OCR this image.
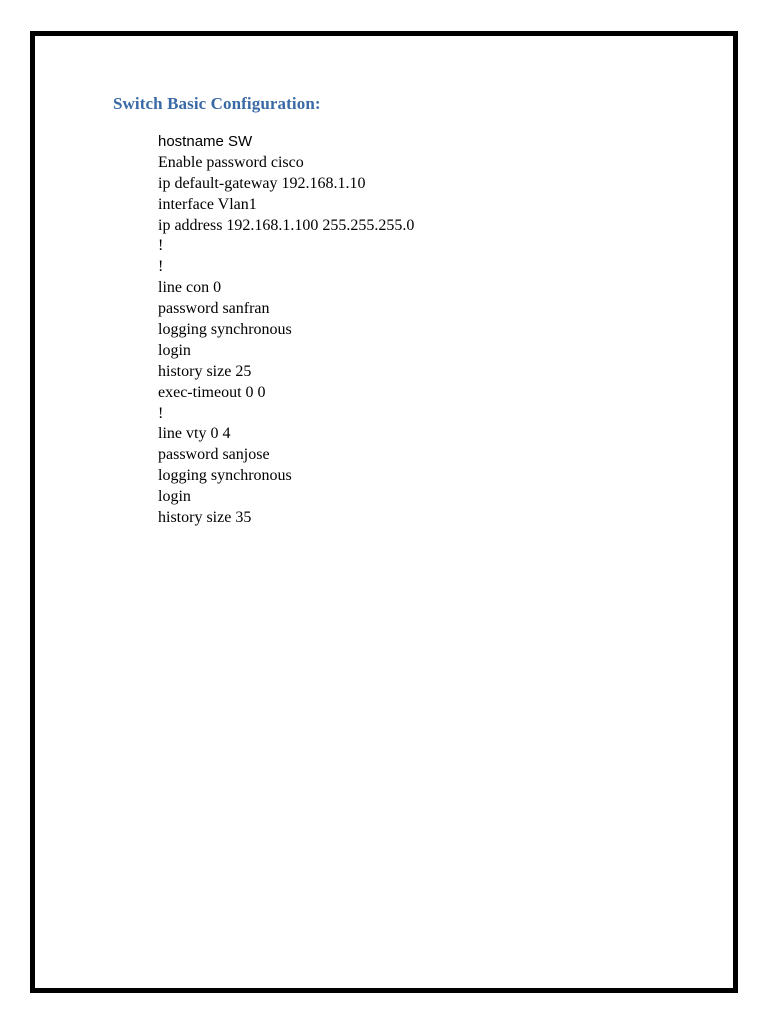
Switch Basic Configuration:
hostname SW
Enable password cisco
ip default-gateway 192.168.1.10
interface Vlan1
ip address 192.168.1.100 255.255.255.0
!
!
line con 0
password sanfran
logging synchronous
login
history size 25
exec-timeout 0 0
!
line vty 0 4
password sanjose
logging synchronous
login
history size 35
